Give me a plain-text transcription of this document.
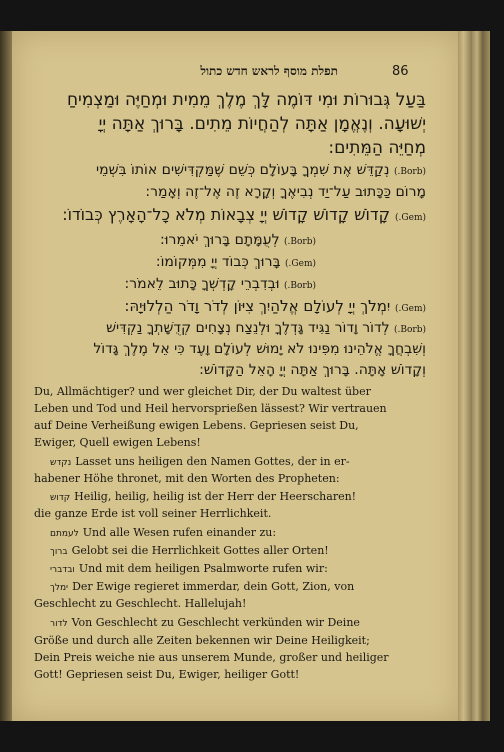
תפלת מוסף לראש חדש כתול	86
בַּעַל גְּבוּרוֹת וּמִי דּוֹמֶה לָּךְ מֶלֶךְ מֵמִית וּמְחַיֶּה וּמַצְמִיחַ
יְשׁוּעָה. וְנֶאֱמָן אַתָּה לְהַחֲיוֹת מֵתִים. בָּרוּךְ אַתָּה יְיָ
מְחַיֵּה הַמֵּתִים:
(Borb.) נְקַדֵּשׁ אֶת שִׁמְךָ בָּעוֹלָם כְּשֵׁם שֶׁמַּקְדִּישִׁים אוֹתוֹ בִּשְׁמֵי
מָרוֹם כַּכָּתוּב עַל־יַד נְבִיאֶךָ וְקָרָא זֶה אֶל־זֶה וְאָמַר:
(Gem.) קָדוֹשׁ קָדוֹשׁ קָדוֹשׁ יְיָ צְבָאוֹת מְלֹא כָל־הָאָרֶץ כְּבוֹדוֹ:
(Borb.) לְעֻמָּתָם בָּרוּךְ יֹאמֵרוּ:
(Gem.) בָּרוּךְ כְּבוֹד יְיָ מִמְּקוֹמוֹ:
(Borb.) וּבְדִבְרֵי קָדְשְׁךָ כָּתוּב לֵאמֹר:
(Gem.) יִמְלֹךְ יְיָ לְעוֹלָם אֱלֹהַיִךְ צִיּוֹן לְדֹר וָדֹר הַלְלוּיָהּ:
(Borb.) לְדוֹר וָדוֹר נַגִּיד גָּדְלֶךָ וּלְנֵצַח נְצָחִים קְדֻשָּׁתְךָ נַקְדִּישׁ
וְשִׁבְחֲךָ אֱלֹהֵינוּ מִפִּינוּ לֹא יָמוּשׁ לְעוֹלָם וָעֶד כִּי אֵל מֶלֶךְ גָּדוֹל
וְקָדוֹשׁ אָתָּה. בָּרוּךְ אַתָּה יְיָ הָאֵל הַקָּדוֹשׁ:
Du, Allmächtiger? und wer gleichet Dir, der Du waltest über
Leben und Tod und Heil hervorsprießen lässest? Wir vertrauen
auf Deine Verheißung ewigen Lebens. Gepriesen seist Du,
Ewiger, Quell ewigen Lebens!
נקדש Lasset uns heiligen den Namen Gottes, der in er-
habener Höhe thronet, mit den Worten des Propheten:
קדוש Heilig, heilig, heilig ist der Herr der Heerscharen!
die ganze Erde ist voll seiner Herrlichkeit.
לעמתם Und alle Wesen rufen einander zu:
ברוך Gelobt sei die Herrlichkeit Gottes aller Orten!
ובדברי Und mit dem heiligen Psalmworte rufen wir:
ימלך Der Ewige regieret immerdar, dein Gott, Zion, von
Geschlecht zu Geschlecht. Hallelujah!
לדור Von Geschlecht zu Geschlecht verkünden wir Deine
Größe und durch alle Zeiten bekennen wir Deine Heiligkeit;
Dein Preis weiche nie aus unserem Munde, großer und heiliger
Gott! Gepriesen seist Du, Ewiger, heiliger Gott!
